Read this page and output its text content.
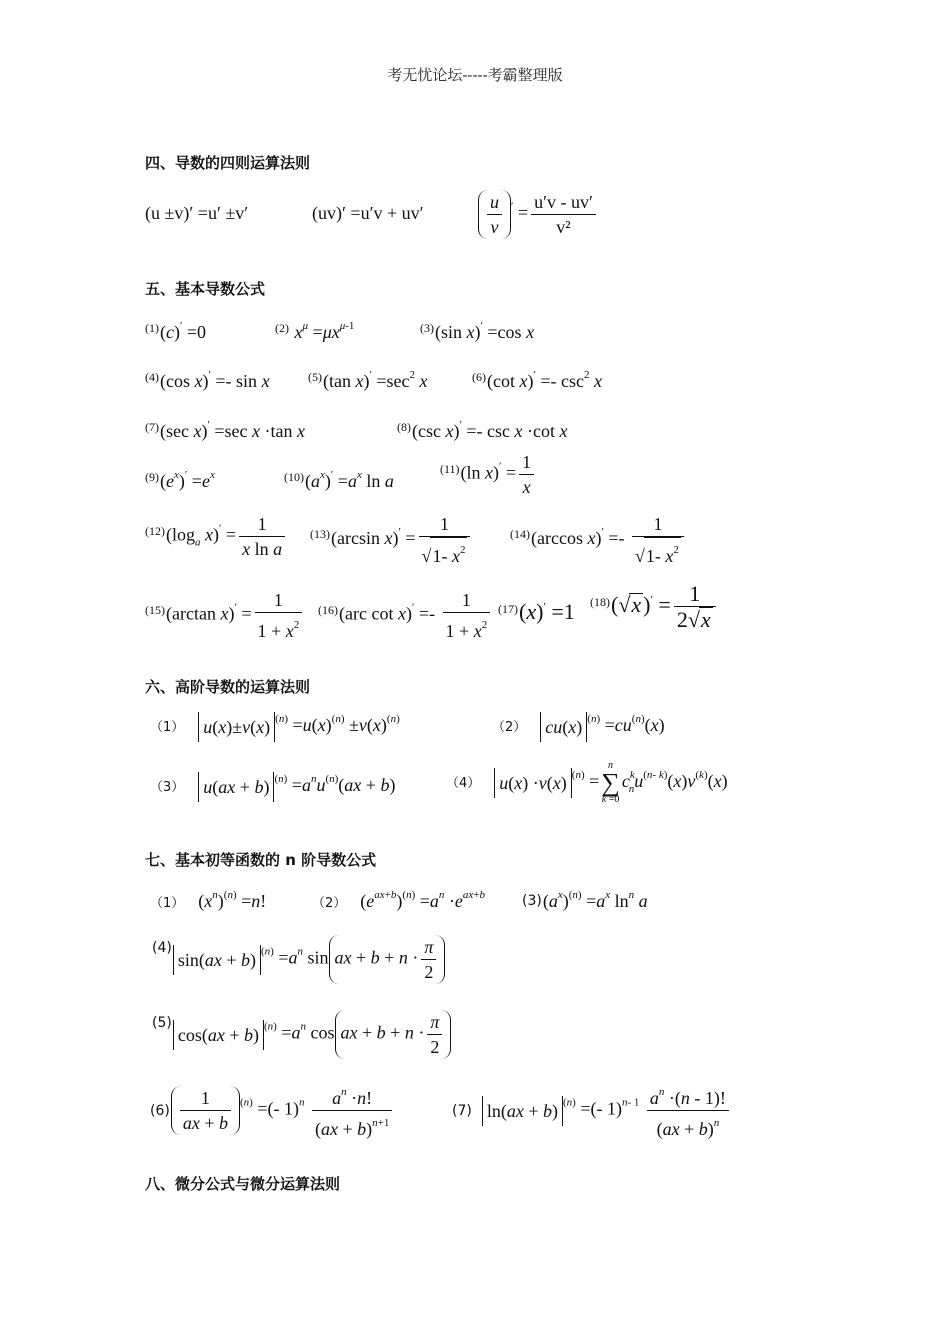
考无忧论坛-----考霸整理版
四、导数的四则运算法则
(u ±v)′ =u′ ±v′	(uv)′ =u′v + uv′	$\frac{u}{v} ' = \frac{u'v - uv'}{\text{v²}}$
五、基本导数公式
$^{(1)}$(c)′ =0	$^{(2)}$ $x^\mu =\mu x^{\mu-1}$	$^{(3)}$(sin x)′ =cos x
$^{(4)}$(cos x)′ =- sin x	$^{(5)}$(tan $x)' =\sec^2$ x	$^{(6)}$(cot $x)' =- \csc^2 x$
$^{(7)}$(sec x)′ =sec x ·tan x	$^{(8)}$(csc x)′ =- csc x ·cot x
$^{(9)}(e^x)' =e^x$	$^{(10)}(a^x)' =a^x$ ln a
$^{(11)}$(ln $x)' = \frac{1}{x}$
$^{(12)}(\log_a$ $x)' = \frac{1}{\text{x ln a}} ^{(13)}(\arcsin$ $x)' = \frac{1}{√1- x^2}$	$^{(14)}$(arccos $x)' =- \frac{1}{√1- x^2}$
$^{(15)}$(arctan $x)' = \frac{1}{1 + x^2} ^{(16)}(arc$ $\cot x)' =- \frac{1}{1 + x^2} ^{(17)}(x)' =1$ $^{(18)}(√x)' = \frac{1}{2√x}$
六、高阶导数的运算法则
（1） u(x)±v(x) $^{(n)} =u(x)^{(n)} \pm v(x)^{(n)}$
（2） cu(x) $^{(n)} =cu^{(n)}(x)$
（3） u(ax + b) $^{(n)} =a^nu^{(n)}(ax + b)$	（4） u(x) ·v(x) $^{(n)}$ =
n
∑
k =0
$c^k_nu^{(n- k)}(x)v^{(k)}(x)$
七、基本初等函数的 n 阶导数公式
（1） $(x^n)^{(n)} =n$!	（2） $(e^{ax+b})^{(n)} =a^n \cdot e^{ax+b}$	$(3)(a^x)^{(n)} =a^x$ $\ln^n a$
$^{(4)}$sin(ax + b) $^{(n)} =a^n$ sin ax + $b + n \cdot \frac{\pi}{2}$
$^{(5)}$cos(ax + b) $^{(n)} =a^n$ cos ax + $b + n \cdot \frac{\pi}{2}$
$(6) \frac{1}{ax + b} ^{(n)}$ =(- $1)^n \frac{a^n \cdot n!}{(ax + b)^{n+1}}$	(7) ln(ax + b) $^{(n)}$ =(- $1)^{n- 1} \frac{a^n \cdot(n - 1)!}{(ax + b)^n}$
八、微分公式与微分运算法则
